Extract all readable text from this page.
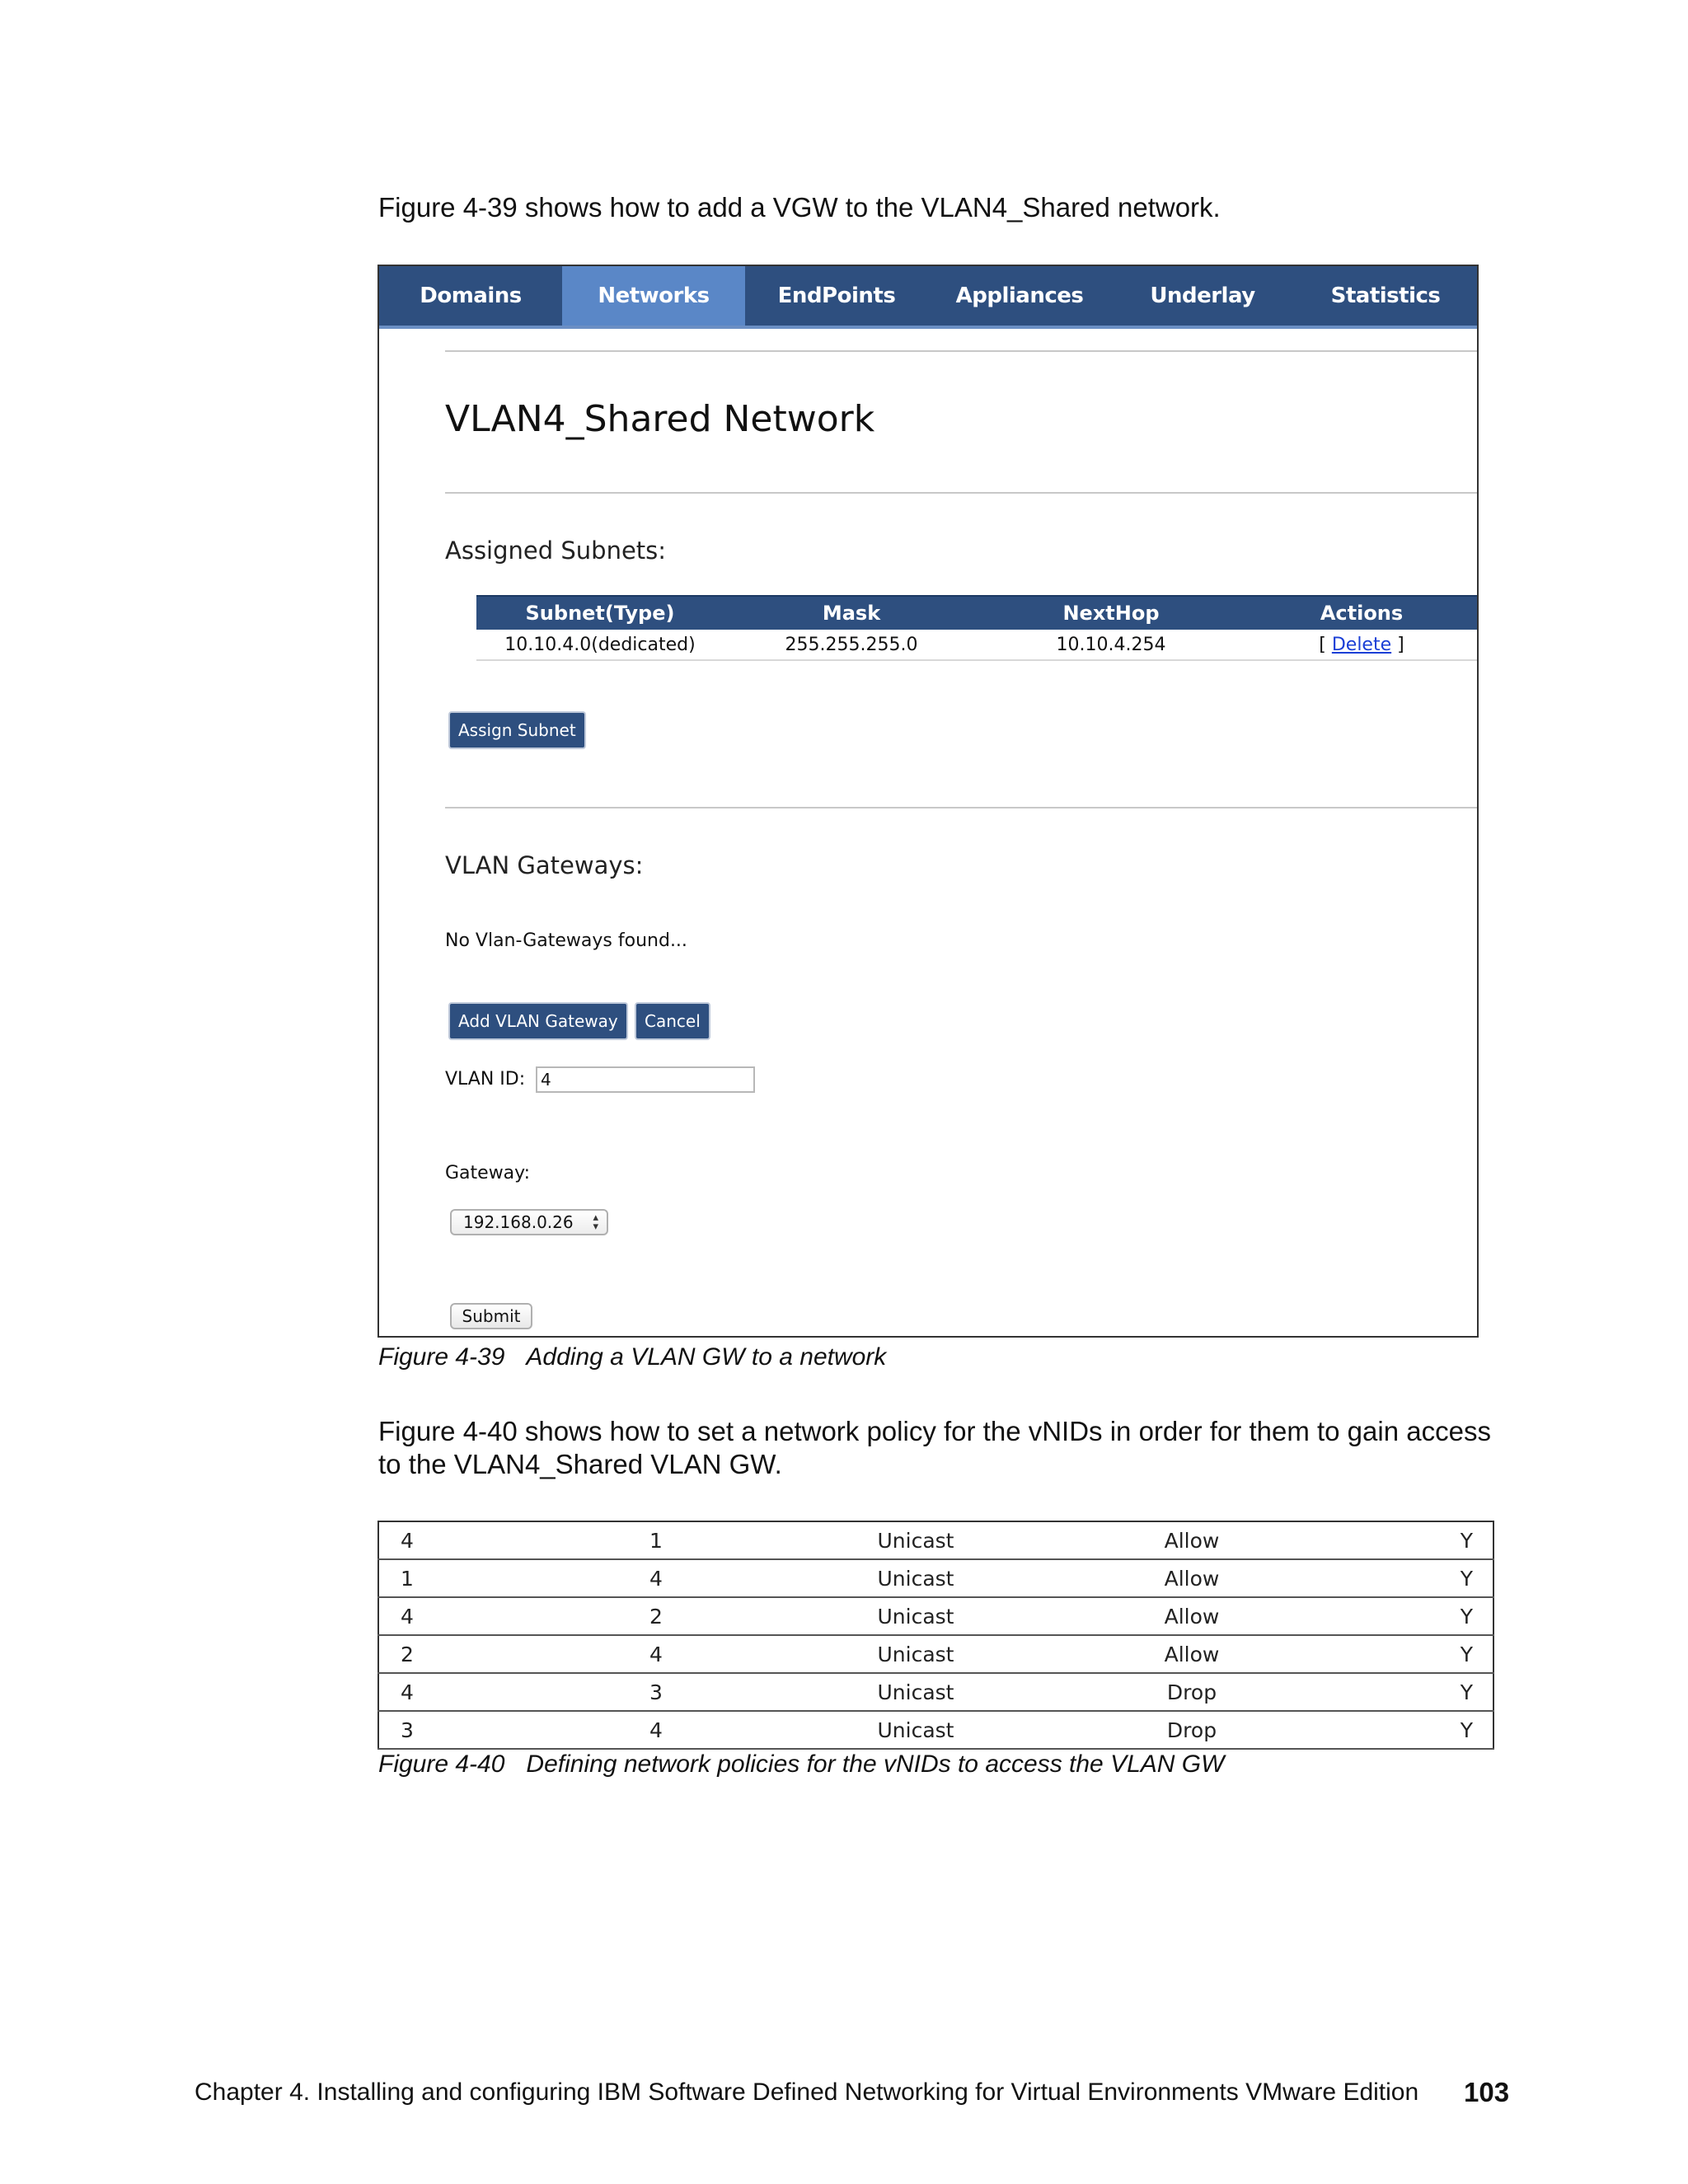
Figure 4-39 shows how to add a VGW to the VLAN4_Shared network.
Domains	Networks	EndPoints	Appliances	Underlay	Statistics
VLAN4_Shared Network
Assigned Subnets:
Subnet(Type)	Mask	NextHop	Actions
10.10.4.0(dedicated)	255.255.255.0	10.10.4.254	[ Delete ]
Assign Subnet
VLAN Gateways:
No Vlan-Gateways found...
Add VLAN Gateway	Cancel
VLAN ID: 4
Gateway:
192.168.0.26 ▴
▾
Submit
Figure 4-39 Adding a VLAN GW to a network
Figure 4-40 shows how to set a network policy for the vNIDs in order for them to gain access to the VLAN4_Shared VLAN GW.
4	1	Unicast	Allow	Y
1	4	Unicast	Allow	Y
4	2	Unicast	Allow	Y
2	4	Unicast	Allow	Y
4	3	Unicast	Drop	Y
3	4	Unicast	Drop	Y
Figure 4-40 Defining network policies for the vNIDs to access the VLAN GW
Chapter 4. Installing and configuring IBM Software Defined Networking for Virtual Environments VMware Edition 103
